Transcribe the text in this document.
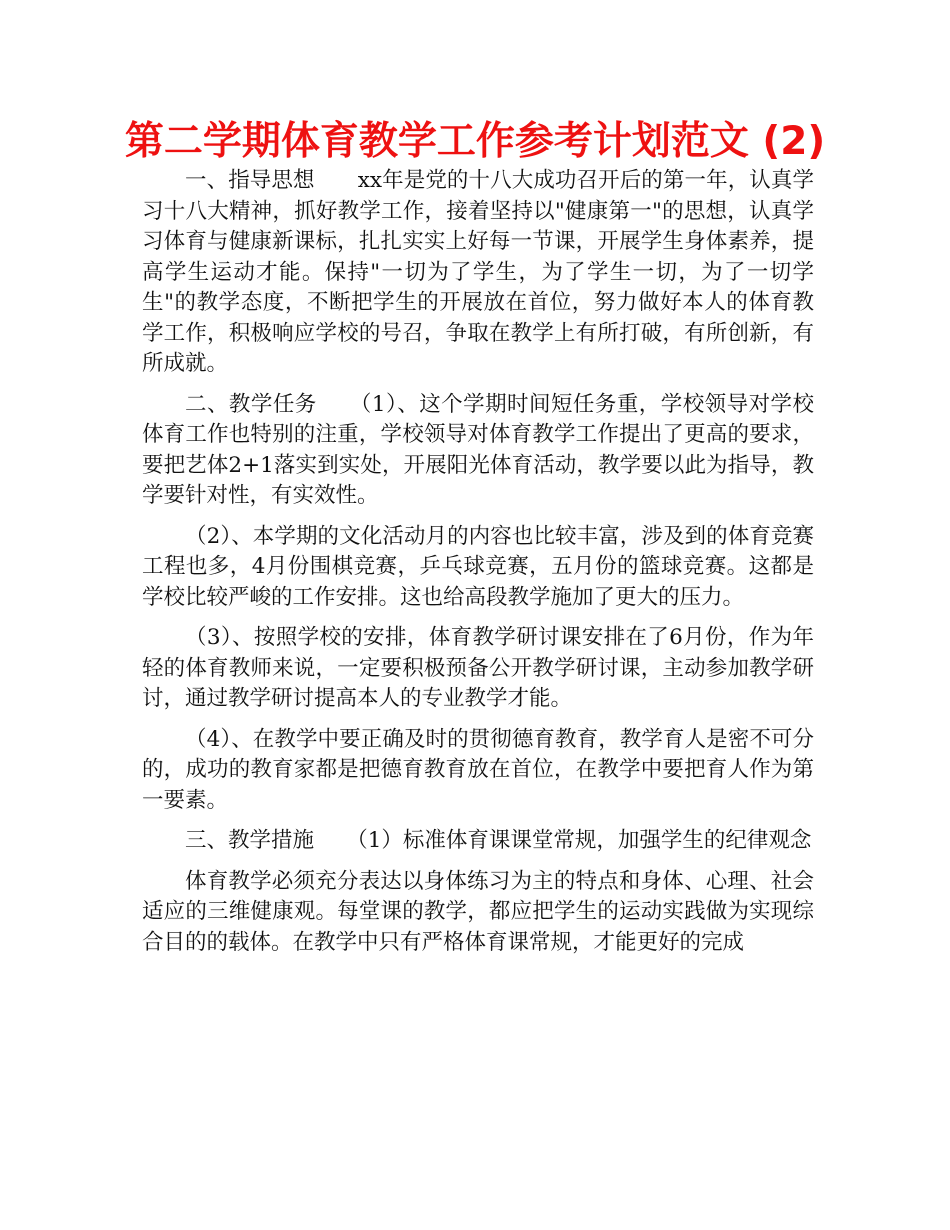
第二学期体育教学工作参考计划范文 (2)

一、指导思想　　xx年是党的十八大成功召开后的第一年，认真学习十八大精神，抓好教学工作，接着坚持以"健康第一"的思想，认真学习体育与健康新课标，扎扎实实上好每一节课，开展学生身体素养，提高学生运动才能。保持"一切为了学生，为了学生一切，为了一切学生"的教学态度，不断把学生的开展放在首位，努力做好本人的体育教学工作，积极响应学校的号召，争取在教学上有所打破，有所创新，有所成就。

二、教学任务　　（1）、这个学期时间短任务重，学校领导对学校体育工作也特别的注重，学校领导对体育教学工作提出了更高的要求，要把艺体2+1落实到实处，开展阳光体育活动，教学要以此为指导，教学要针对性，有实效性。

（2）、本学期的文化活动月的内容也比较丰富，涉及到的体育竞赛工程也多，4月份围棋竞赛，乒乓球竞赛，五月份的篮球竞赛。这都是学校比较严峻的工作安排。这也给高段教学施加了更大的压力。

（3）、按照学校的安排，体育教学研讨课安排在了6月份，作为年轻的体育教师来说，一定要积极预备公开教学研讨课，主动参加教学研讨，通过教学研讨提高本人的专业教学才能。

（4）、在教学中要正确及时的贯彻德育教育，教学育人是密不可分的，成功的教育家都是把德育教育放在首位，在教学中要把育人作为第一要素。

三、教学措施　　（1）标准体育课课堂常规，加强学生的纪律观念

体育教学必须充分表达以身体练习为主的特点和身体、心理、社会适应的三维健康观。每堂课的教学，都应把学生的运动实践做为实现综合目的的载体。在教学中只有严格体育课常规，才能更好的完成
